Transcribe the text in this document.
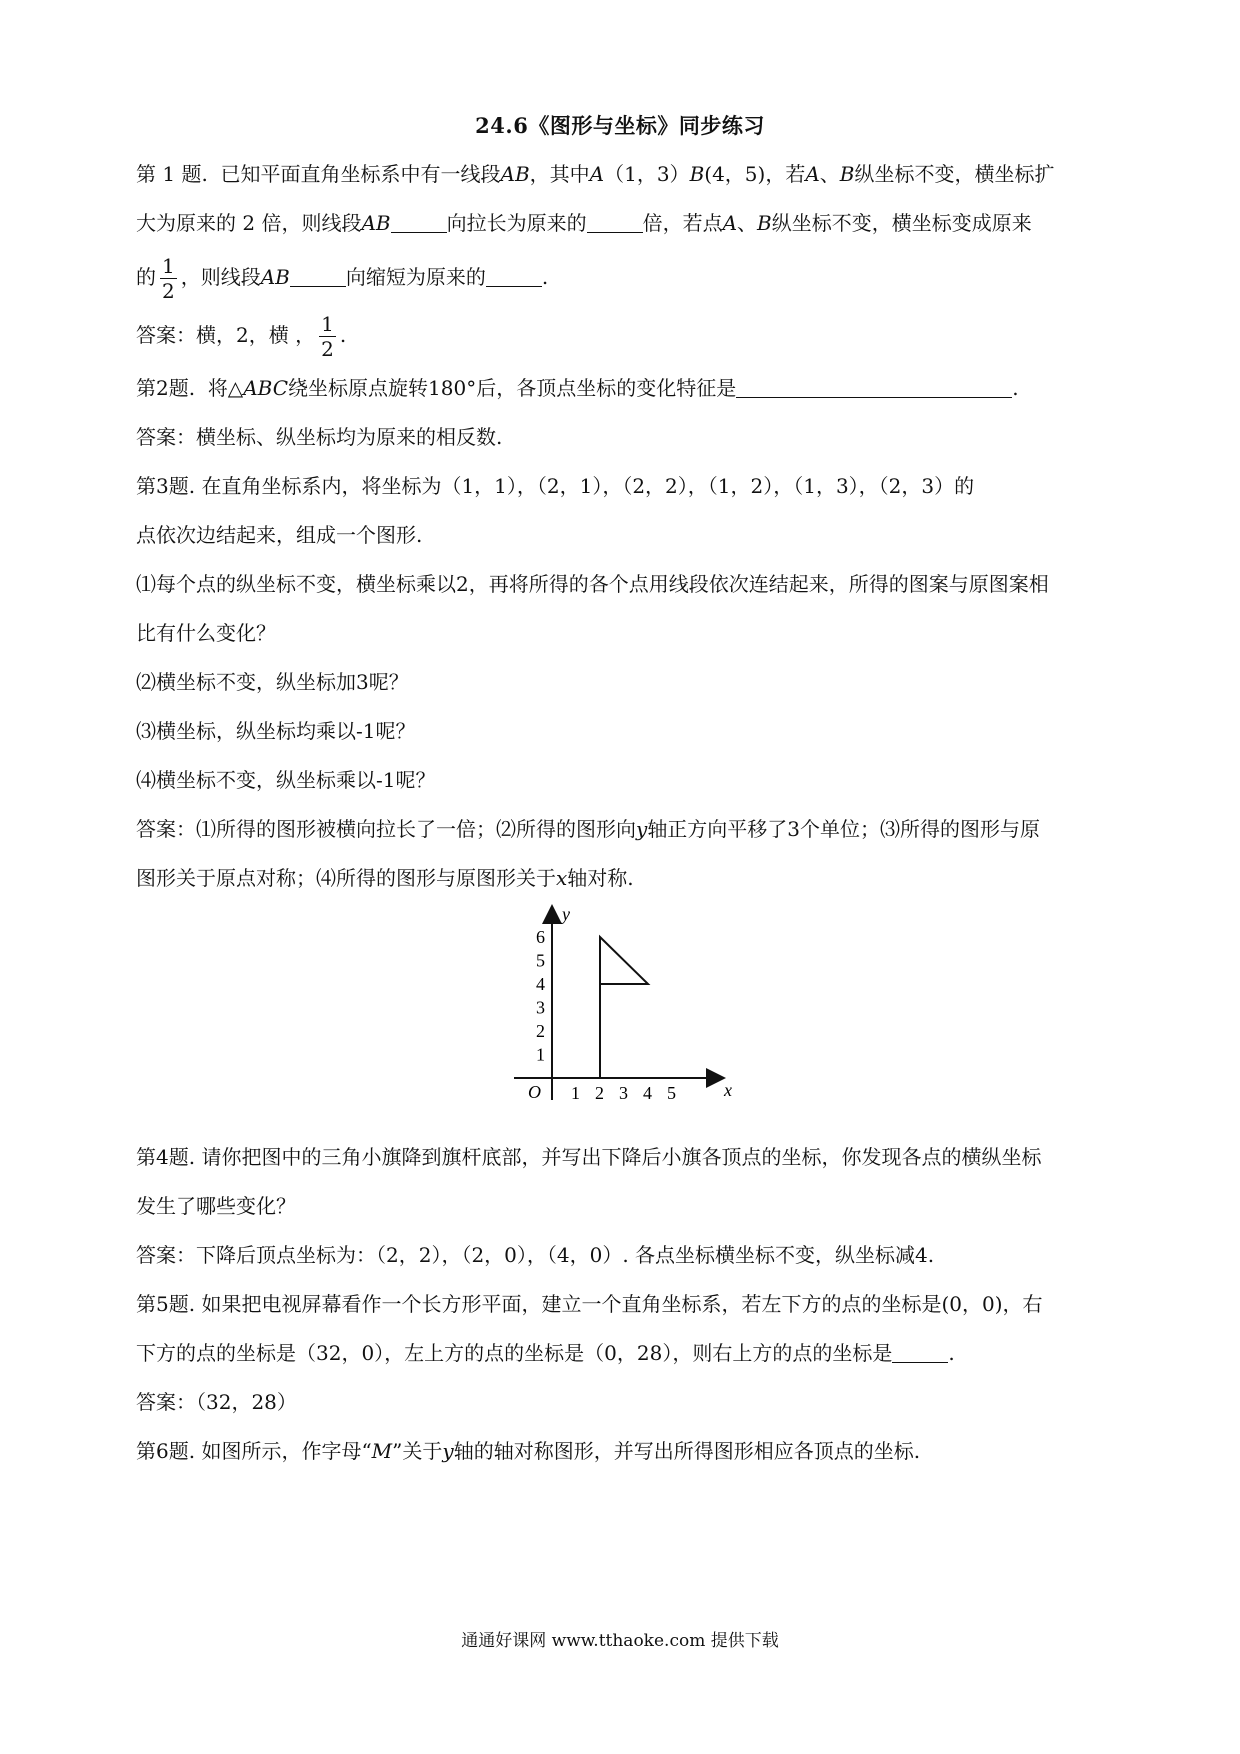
24.6《图形与坐标》同步练习

第 1 题. 已知平面直角坐标系中有一线段AB，其中A（1，3）B(4，5)，若A、B纵坐标不变，横坐标扩

大为原来的 2 倍，则线段AB	向拉长为原来的	倍，若点A、B纵坐标不变，横坐标变成原来

的 $\frac{1}{2}$ ，则线段AB	向缩短为原来的	.

答案：横，2，横 ， $\frac{1}{2}$ .

第2题. 将△ABC绕坐标原点旋转180°后，各顶点坐标的变化特征是	.

答案：横坐标、纵坐标均为原来的相反数.

第3题. 在直角坐标系内，将坐标为（1，1），（2，1），（2，2），（1，2），（1，3），（2，3）的

点依次边结起来，组成一个图形.

⑴每个点的纵坐标不变，横坐标乘以2，再将所得的各个点用线段依次连结起来，所得的图案与原图案相

比有什么变化？

⑵横坐标不变，纵坐标加3呢？

⑶横坐标，纵坐标均乘以-1呢？

⑷横坐标不变，纵坐标乘以-1呢？

答案：⑴所得的图形被横向拉长了一倍；⑵所得的图形向y轴正方向平移了3个单位；⑶所得的图形与原

图形关于原点对称；⑷所得的图形与原图形关于x轴对称.

1 2 3 4 5
1
2
3
4
5
6
x
y
O

第4题. 请你把图中的三角小旗降到旗杆底部，并写出下降后小旗各顶点的坐标，你发现各点的横纵坐标

发生了哪些变化？

答案：下降后顶点坐标为：（2，2），（2，0），（4，0）. 各点坐标横坐标不变，纵坐标减4.

第5题. 如果把电视屏幕看作一个长方形平面，建立一个直角坐标系，若左下方的点的坐标是(0，0)，右

下方的点的坐标是（32，0），左上方的点的坐标是（0，28），则右上方的点的坐标是	.

答案：（32，28）

第6题. 如图所示，作字母“M”关于y轴的轴对称图形，并写出所得图形相应各顶点的坐标.

通通好课网 www.tthaoke.com 提供下载
